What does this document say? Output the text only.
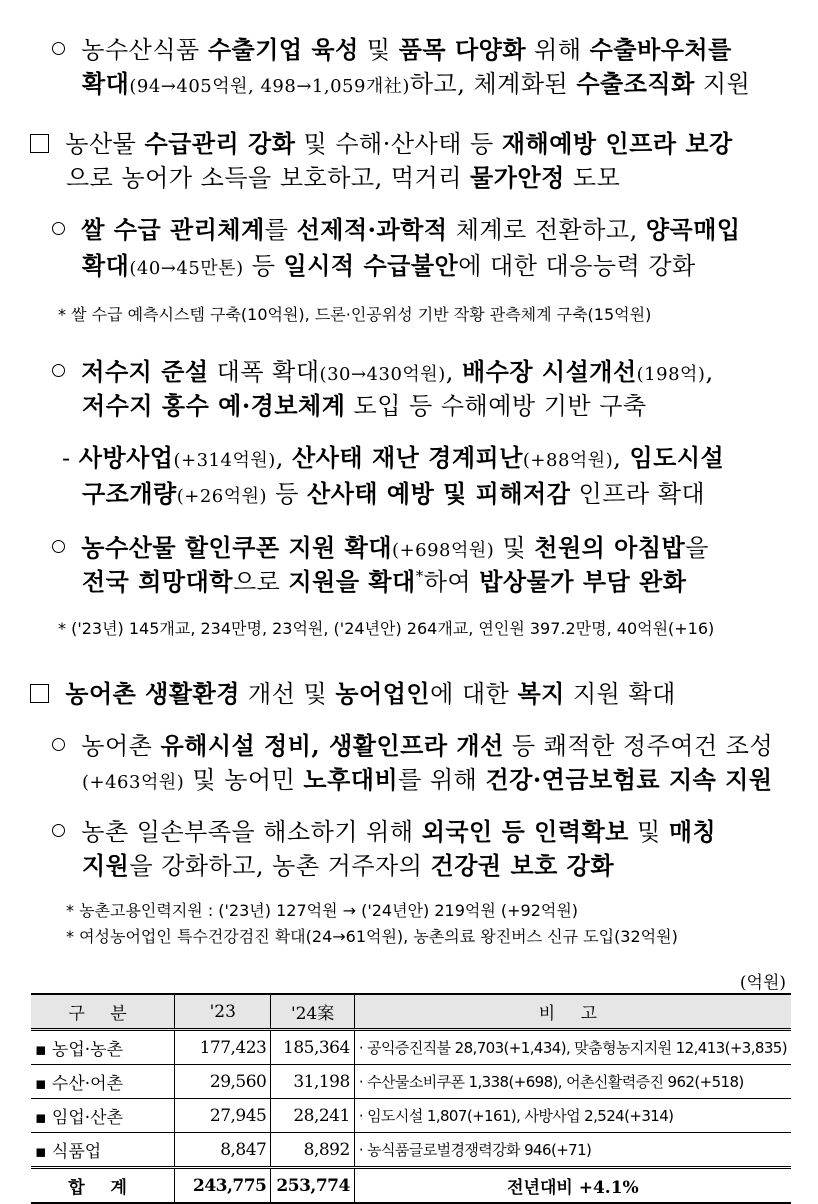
농수산식품 수출기업 육성 및 품목 다양화 위해 수출바우처를
확대(94→405억원, 498→1,059개社)하고, 체계화된 수출조직화 지원
농산물 수급관리 강화 및 수해·산사태 등 재해예방 인프라 보강
으로 농어가 소득을 보호하고, 먹거리 물가안정 도모
쌀 수급 관리체계를 선제적·과학적 체계로 전환하고, 양곡매입
확대(40→45만톤) 등 일시적 수급불안에 대한 대응능력 강화
* 쌀 수급 예측시스템 구축(10억원), 드론·인공위성 기반 작황 관측체계 구축(15억원)
저수지 준설 대폭 확대(30→430억원), 배수장 시설개선(198억),
저수지 홍수 예·경보체계 도입 등 수해예방 기반 구축
- 사방사업(+314억원), 산사태 재난 경계피난(+88억원), 임도시설
구조개량(+26억원) 등 산사태 예방 및 피해저감 인프라 확대
농수산물 할인쿠폰 지원 확대(+698억원) 및 천원의 아침밥을
전국 희망대학으로 지원을 확대*하여 밥상물가 부담 완화
* ('23년) 145개교, 234만명, 23억원, ('24년안) 264개교, 연인원 397.2만명, 40억원(+16)
농어촌 생활환경 개선 및 농어업인에 대한 복지 지원 확대
농어촌 유해시설 정비, 생활인프라 개선 등 쾌적한 정주여건 조성
(+463억원) 및 농어민 노후대비를 위해 건강·연금보험료 지속 지원
농촌 일손부족을 해소하기 위해 외국인 등 인력확보 및 매칭
지원을 강화하고, 농촌 거주자의 건강권 보호 강화
* 농촌고용인력지원 : ('23년) 127억원 → ('24년안) 219억원 (+92억원)
* 여성농어업인 특수건강검진 확대(24→61억원), 농촌의료 왕진버스 신규 도입(32억원)
(억원)
구 분	'23	'24案	비 고
▪ 농업·농촌	177,423	185,364	· 공익증진직불 28,703(+1,434), 맞춤형농지지원 12,413(+3,835)
▪ 수산·어촌	29,560	31,198	· 수산물소비쿠폰 1,338(+698), 어촌신활력증진 962(+518)
▪ 임업·산촌	27,945	28,241	· 임도시설 1,807(+161), 사방사업 2,524(+314)
▪ 식품업	8,847	8,892	· 농식품글로벌경쟁력강화 946(+71)
합 계	243,775	253,774	전년대비 +4.1%
